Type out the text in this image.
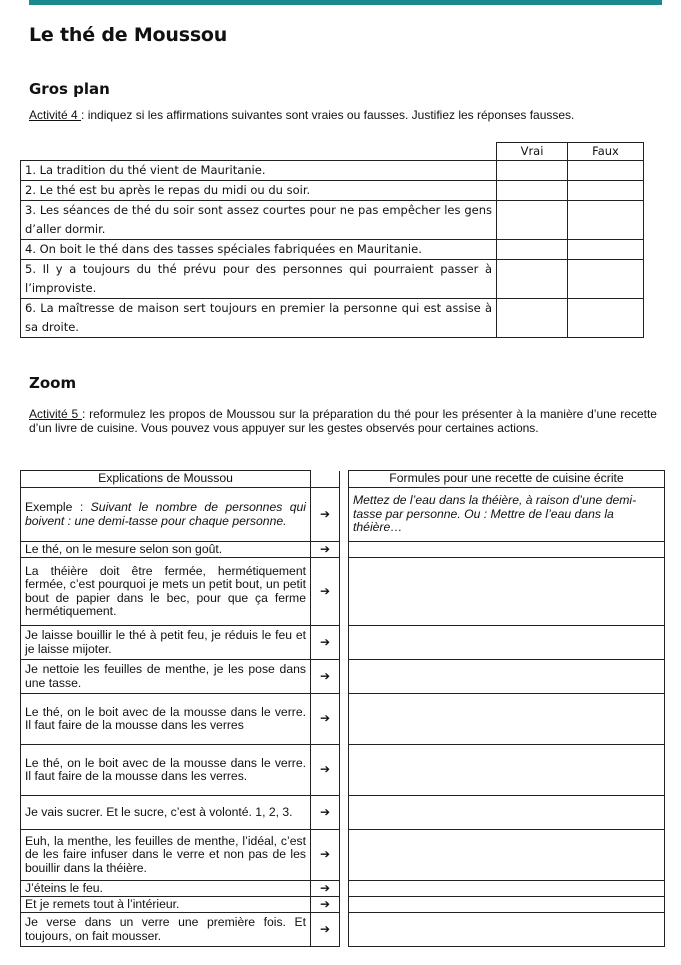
Le thé de Moussou
Gros plan
Activité 4 : indiquez si les affirmations suivantes sont vraies ou fausses. Justifiez les réponses fausses.
	Vrai	Faux
1. La tradition du thé vient de Mauritanie.		
2. Le thé est bu après le repas du midi ou du soir.		
3. Les séances de thé du soir sont assez courtes pour ne pas empêcher les gens d’aller dormir.		
4. On boit le thé dans des tasses spéciales fabriquées en Mauritanie.		
5. Il y a toujours du thé prévu pour des personnes qui pourraient passer à l’improviste.		
6. La maîtresse de maison sert toujours en premier la personne qui est assise à sa droite.		
Zoom
Activité 5 : reformulez les propos de Moussou sur la préparation du thé pour les présenter à la manière d’une recette d’un livre de cuisine. Vous pouvez vous appuyer sur les gestes observés pour certaines actions.
Explications de Moussou			Formules pour une recette de cuisine écrite
Exemple : Suivant le nombre de personnes qui boivent : une demi-tasse pour chaque personne.	➔		Mettez de l’eau dans la théière, à raison d’une demi-tasse par personne. Ou : Mettre de l’eau dans la théière…
Le thé, on le mesure selon son goût.	➔		
La théière doit être fermée, hermétiquement fermée, c’est pourquoi je mets un petit bout, un petit bout de papier dans le bec, pour que ça ferme hermétiquement.	➔		
Je laisse bouillir le thé à petit feu, je réduis le feu et je laisse mijoter.	➔		
Je nettoie les feuilles de menthe, je les pose dans une tasse.	➔		
Le thé, on le boit avec de la mousse dans le verre. Il faut faire de la mousse dans les verres	➔		
Le thé, on le boit avec de la mousse dans le verre. Il faut faire de la mousse dans les verres.	➔		
Je vais sucrer. Et le sucre, c’est à volonté. 1, 2, 3.	➔		
Euh, la menthe, les feuilles de menthe, l’idéal, c’est de les faire infuser dans le verre et non pas de les bouillir dans la théière.	➔		
J’éteins le feu.	➔		
Et je remets tout à l’intérieur.	➔		
Je verse dans un verre une première fois. Et toujours, on fait mousser.	➔		
